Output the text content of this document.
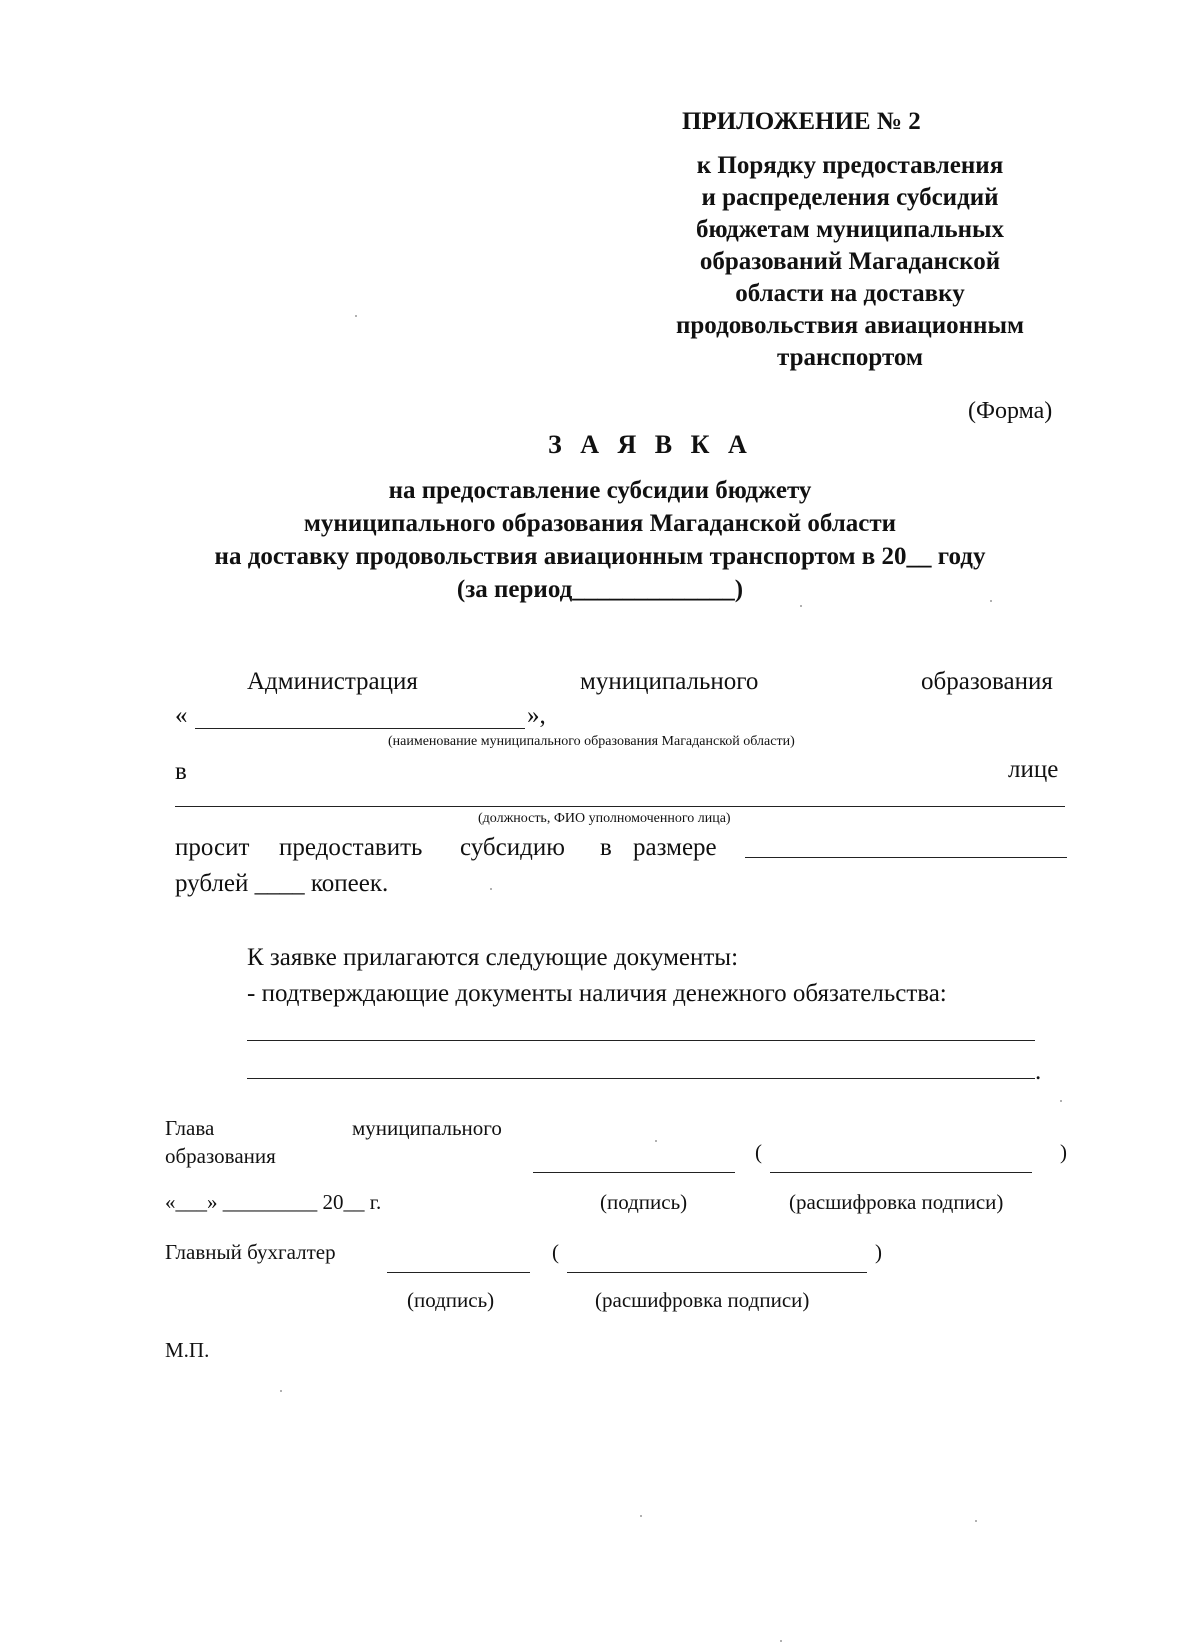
ПРИЛОЖЕНИЕ № 2
к Порядку предоставления
и распределения субсидий
бюджетам муниципальных
образований Магаданской
области на доставку
продовольствия авиационным
транспортом
(Форма)
З А Я В К А
на предоставление субсидии бюджету
муниципального образования Магаданской области
на доставку продовольствия авиационным транспортом в 20__ году
(за период_____________)
Администрация	муниципального	образования
«	»,
(наименование муниципального образования Магаданской области)
в	лице
(должность, ФИО уполномоченного лица)
просит предоставить субсидию в размере
рублей ____ копеек.
К заявке прилагаются следующие документы:
- подтверждающие документы наличия денежного обязательства:
.
Глава	муниципального
образования	(	)
«___» _________ 20__ г.	(подпись)	(расшифровка подписи)
Главный бухгалтер	(	)
(подпись)	(расшифровка подписи)
М.П.
